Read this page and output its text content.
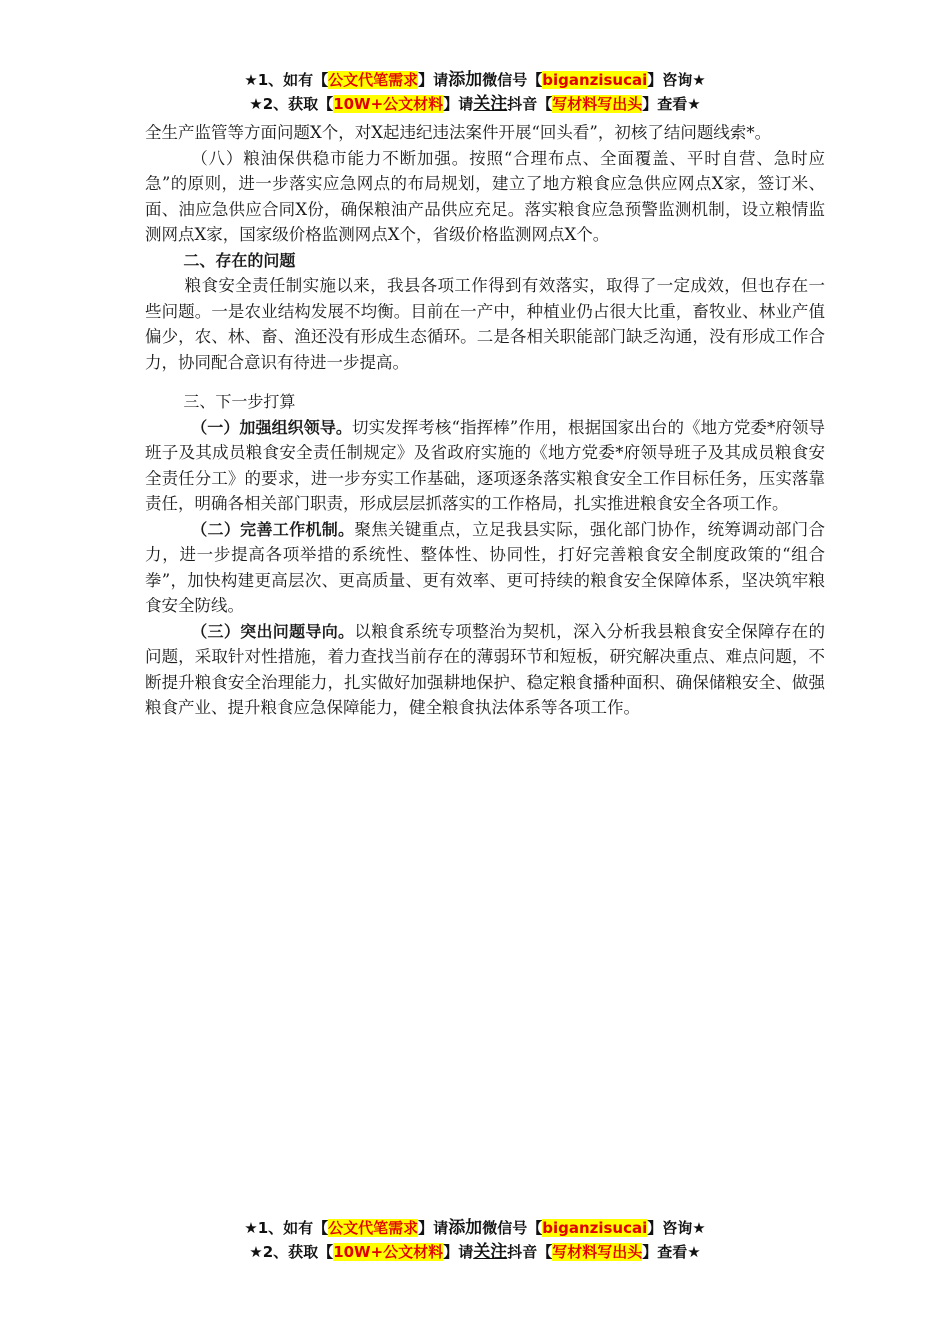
★1、如有【公文代笔需求】请添加微信号【biganzisucai】咨询★
★2、获取【10W+公文材料】请关注抖音【写材料写出头】查看★

全生产监管等方面问题X个，对X起违纪违法案件开展“回头看”，初核了结问题线索*。

（八）粮油保供稳市能力不断加强。按照“合理布点、全面覆盖、平时自营、急时应急”的原则，进一步落实应急网点的布局规划，建立了地方粮食应急供应网点X家，签订米、面、油应急供应合同X份，确保粮油产品供应充足。落实粮食应急预警监测机制，设立粮情监测网点X家，国家级价格监测网点X个，省级价格监测网点X个。

二、存在的问题

粮食安全责任制实施以来，我县各项工作得到有效落实，取得了一定成效，但也存在一些问题。一是农业结构发展不均衡。目前在一产中，种植业仍占很大比重，畜牧业、林业产值偏少，农、林、畜、渔还没有形成生态循环。二是各相关职能部门缺乏沟通，没有形成工作合力，协同配合意识有待进一步提高。

三、下一步打算

（一）加强组织领导。切实发挥考核“指挥棒”作用，根据国家出台的《地方党委*府领导班子及其成员粮食安全责任制规定》及省政府实施的《地方党委*府领导班子及其成员粮食安全责任分工》的要求，进一步夯实工作基础，逐项逐条落实粮食安全工作目标任务，压实落靠责任，明确各相关部门职责，形成层层抓落实的工作格局，扎实推进粮食安全各项工作。

（二）完善工作机制。聚焦关键重点，立足我县实际，强化部门协作，统筹调动部门合力，进一步提高各项举措的系统性、整体性、协同性，打好完善粮食安全制度政策的“组合拳”，加快构建更高层次、更高质量、更有效率、更可持续的粮食安全保障体系，坚决筑牢粮食安全防线。

（三）突出问题导向。以粮食系统专项整治为契机，深入分析我县粮食安全保障存在的问题，采取针对性措施，着力查找当前存在的薄弱环节和短板，研究解决重点、难点问题，不断提升粮食安全治理能力，扎实做好加强耕地保护、稳定粮食播种面积、确保储粮安全、做强粮食产业、提升粮食应急保障能力，健全粮食执法体系等各项工作。

★1、如有【公文代笔需求】请添加微信号【biganzisucai】咨询★
★2、获取【10W+公文材料】请关注抖音【写材料写出头】查看★
